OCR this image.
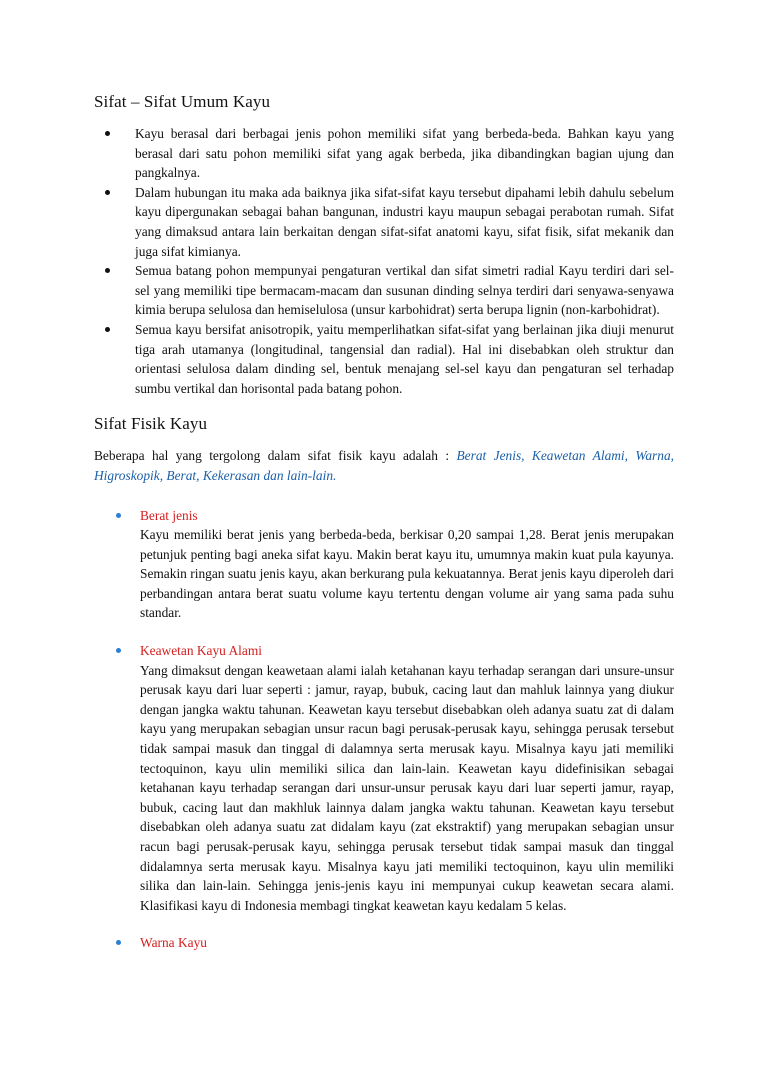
Sifat – Sifat Umum Kayu
Kayu berasal dari berbagai jenis pohon memiliki sifat yang berbeda-beda. Bahkan kayu yang berasal dari satu pohon memiliki sifat yang agak berbeda, jika dibandingkan bagian ujung dan pangkalnya.
Dalam hubungan itu maka ada baiknya jika sifat-sifat kayu tersebut dipahami lebih dahulu sebelum kayu dipergunakan sebagai bahan bangunan, industri kayu maupun sebagai perabotan rumah. Sifat yang dimaksud antara lain berkaitan dengan sifat-sifat anatomi kayu, sifat fisik, sifat mekanik dan juga sifat kimianya.
Semua batang pohon mempunyai pengaturan vertikal dan sifat simetri radial Kayu terdiri dari sel-sel yang memiliki tipe bermacam-macam dan susunan dinding selnya terdiri dari senyawa-senyawa kimia berupa selulosa dan hemiselulosa (unsur karbohidrat) serta berupa lignin (non-karbohidrat).
Semua kayu bersifat anisotropik, yaitu memperlihatkan sifat-sifat yang berlainan jika diuji menurut tiga arah utamanya (longitudinal, tangensial dan radial). Hal ini disebabkan oleh struktur dan orientasi selulosa dalam dinding sel, bentuk menajang sel-sel kayu dan pengaturan sel terhadap sumbu vertikal dan horisontal pada batang pohon.
Sifat Fisik Kayu

Beberapa hal yang tergolong dalam sifat fisik kayu adalah : Berat Jenis, Keawetan Alami, Warna, Higroskopik, Berat, Kekerasan dan lain-lain.

Berat jenis
Kayu memiliki berat jenis yang berbeda-beda, berkisar 0,20 sampai 1,28. Berat jenis merupakan petunjuk penting bagi aneka sifat kayu. Makin berat kayu itu, umumnya makin kuat pula kayunya. Semakin ringan suatu jenis kayu, akan berkurang pula kekuatannya. Berat jenis kayu diperoleh dari perbandingan antara berat suatu volume kayu tertentu dengan volume air yang sama pada suhu standar.
Keawetan Kayu Alami
Yang dimaksut dengan keawetaan alami ialah ketahanan kayu terhadap serangan dari unsure-unsur perusak kayu dari luar seperti : jamur, rayap, bubuk, cacing laut dan mahluk lainnya yang diukur dengan jangka waktu tahunan. Keawetan kayu tersebut disebabkan oleh adanya suatu zat di dalam kayu yang merupakan sebagian unsur racun bagi perusak-perusak kayu, sehingga perusak tersebut tidak sampai masuk dan tinggal di dalamnya serta merusak kayu. Misalnya kayu jati memiliki tectoquinon, kayu ulin memiliki silica dan lain-lain. Keawetan kayu didefinisikan sebagai ketahanan kayu terhadap serangan dari unsur-unsur perusak kayu dari luar seperti jamur, rayap, bubuk, cacing laut dan makhluk lainnya dalam jangka waktu tahunan. Keawetan kayu tersebut disebabkan oleh adanya suatu zat didalam kayu (zat ekstraktif) yang merupakan sebagian unsur racun bagi perusak-perusak kayu, sehingga perusak tersebut tidak sampai masuk dan tinggal didalamnya serta merusak kayu. Misalnya kayu jati memiliki tectoquinon, kayu ulin memiliki silika dan lain-lain. Sehingga jenis-jenis kayu ini mempunyai cukup keawetan secara alami. Klasifikasi kayu di Indonesia membagi tingkat keawetan kayu kedalam 5 kelas.
Warna Kayu
